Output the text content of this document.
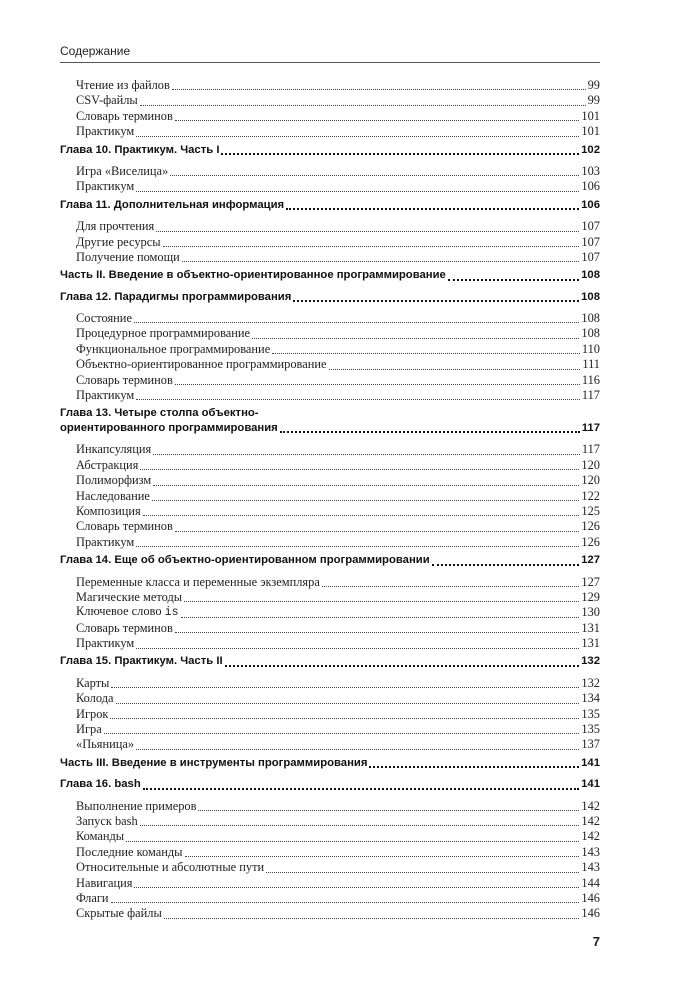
Содержание
Чтение из файлов	99
CSV-файлы	99
Словарь терминов	101
Практикум	101
Глава 10. Практикум. Часть I	102
Игра «Виселица»	103
Практикум	106
Глава 11. Дополнительная информация	106
Для прочтения	107
Другие ресурсы	107
Получение помощи	107
Часть II. Введение в объектно-ориентированное программирование	108
Глава 12. Парадигмы программирования	108
Состояние	108
Процедурное программирование	108
Функциональное программирование	110
Объектно-ориентированное программирование	111
Словарь терминов	116
Практикум	117
Глава 13. Четыре столпа объектно-
ориентированного программирования	117
Инкапсуляция	117
Абстракция	120
Полиморфизм	120
Наследование	122
Композиция	125
Словарь терминов	126
Практикум	126
Глава 14. Еще об объектно-ориентированном программировании	127
Переменные класса и переменные экземпляра	127
Магические методы	129
Ключевое слово is	130
Словарь терминов	131
Практикум	131
Глава 15. Практикум. Часть II	132
Карты	132
Колода	134
Игрок	135
Игра	135
«Пьяница»	137
Часть III. Введение в инструменты программирования	141
Глава 16. bash	141
Выполнение примеров	142
Запуск bash	142
Команды	142
Последние команды	143
Относительные и абсолютные пути	143
Навигация	144
Флаги	146
Скрытые файлы	146
7
